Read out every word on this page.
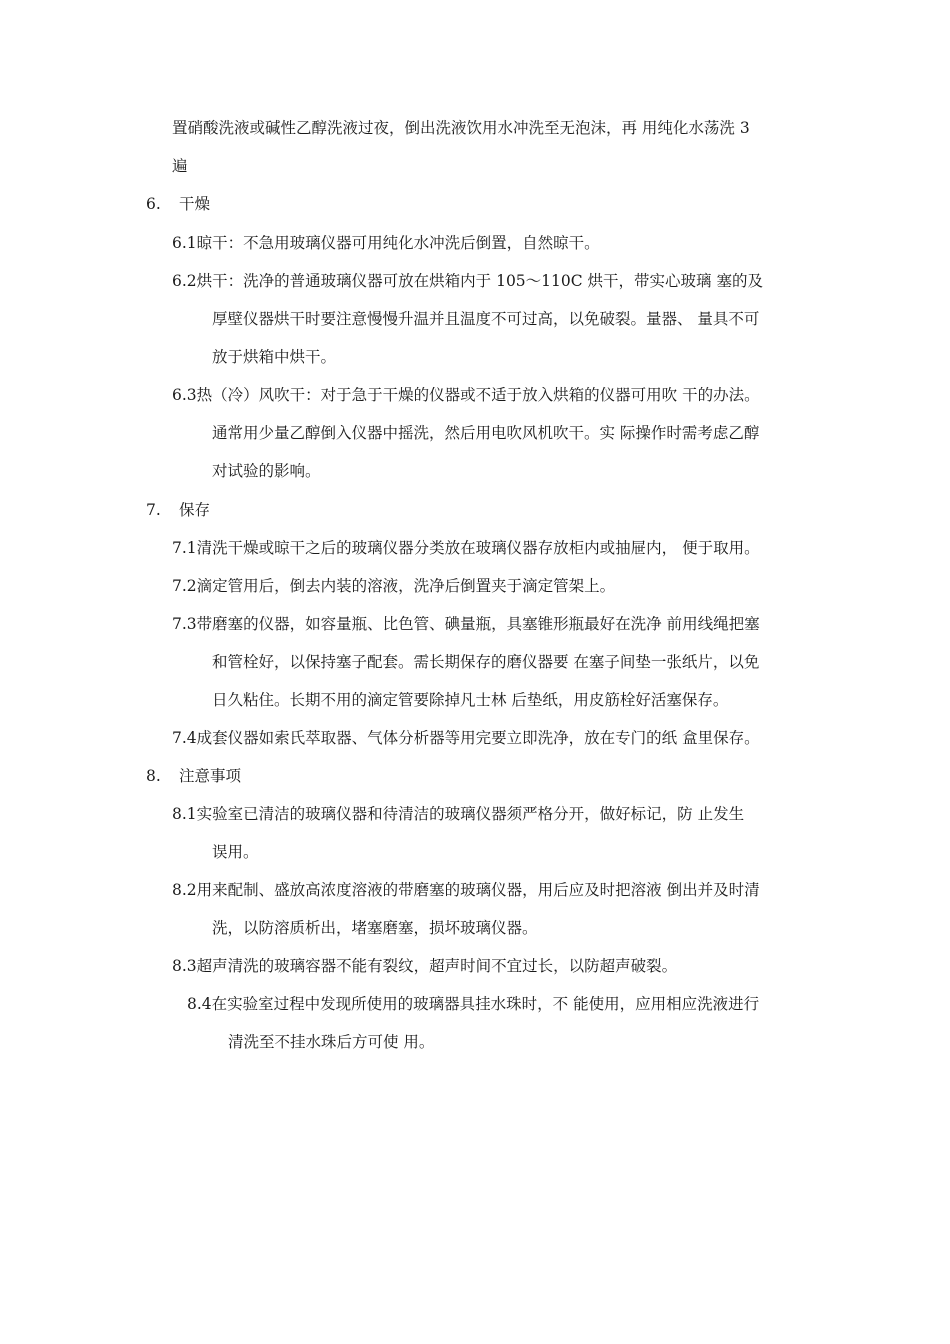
置硝酸洗液或碱性乙醇洗液过夜，倒出洗液饮用水冲洗至无泡沫，再 用纯化水荡洗 3
遍
6. 干燥
6.1晾干：不急用玻璃仪器可用纯化水冲洗后倒置，自然晾干。
6.2烘干：洗净的普通玻璃仪器可放在烘箱内于 105〜110C 烘干，带实心玻璃 塞的及
厚壁仪器烘干时要注意慢慢升温并且温度不可过高，以免破裂。量器、 量具不可
放于烘箱中烘干。
6.3热（冷）风吹干：对于急于干燥的仪器或不适于放入烘箱的仪器可用吹 干的办法。
通常用少量乙醇倒入仪器中摇洗，然后用电吹风机吹干。实 际操作时需考虑乙醇
对试验的影响。
7. 保存
7.1清洗干燥或晾干之后的玻璃仪器分类放在玻璃仪器存放柜内或抽屉内， 便于取用。
7.2滴定管用后，倒去内装的溶液，洗净后倒置夹于滴定管架上。
7.3带磨塞的仪器，如容量瓶、比色管、碘量瓶，具塞锥形瓶最好在洗净 前用线绳把塞
和管栓好，以保持塞子配套。需长期保存的磨仪器要 在塞子间垫一张纸片，以免
日久粘住。长期不用的滴定管要除掉凡士林 后垫纸，用皮筋栓好活塞保存。
7.4成套仪器如索氏萃取器、气体分析器等用完要立即洗净，放在专门的纸 盒里保存。
8. 注意事项
8.1实验室已清洁的玻璃仪器和待清洁的玻璃仪器须严格分开，做好标记，防 止发生
误用。
8.2用来配制、盛放高浓度溶液的带磨塞的玻璃仪器，用后应及时把溶液 倒出并及时清
洗，以防溶质析出，堵塞磨塞，损坏玻璃仪器。
8.3超声清洗的玻璃容器不能有裂纹，超声时间不宜过长，以防超声破裂。
8.4在实验室过程中发现所使用的玻璃器具挂水珠时，不 能使用，应用相应洗液进行
清洗至不挂水珠后方可使 用。
